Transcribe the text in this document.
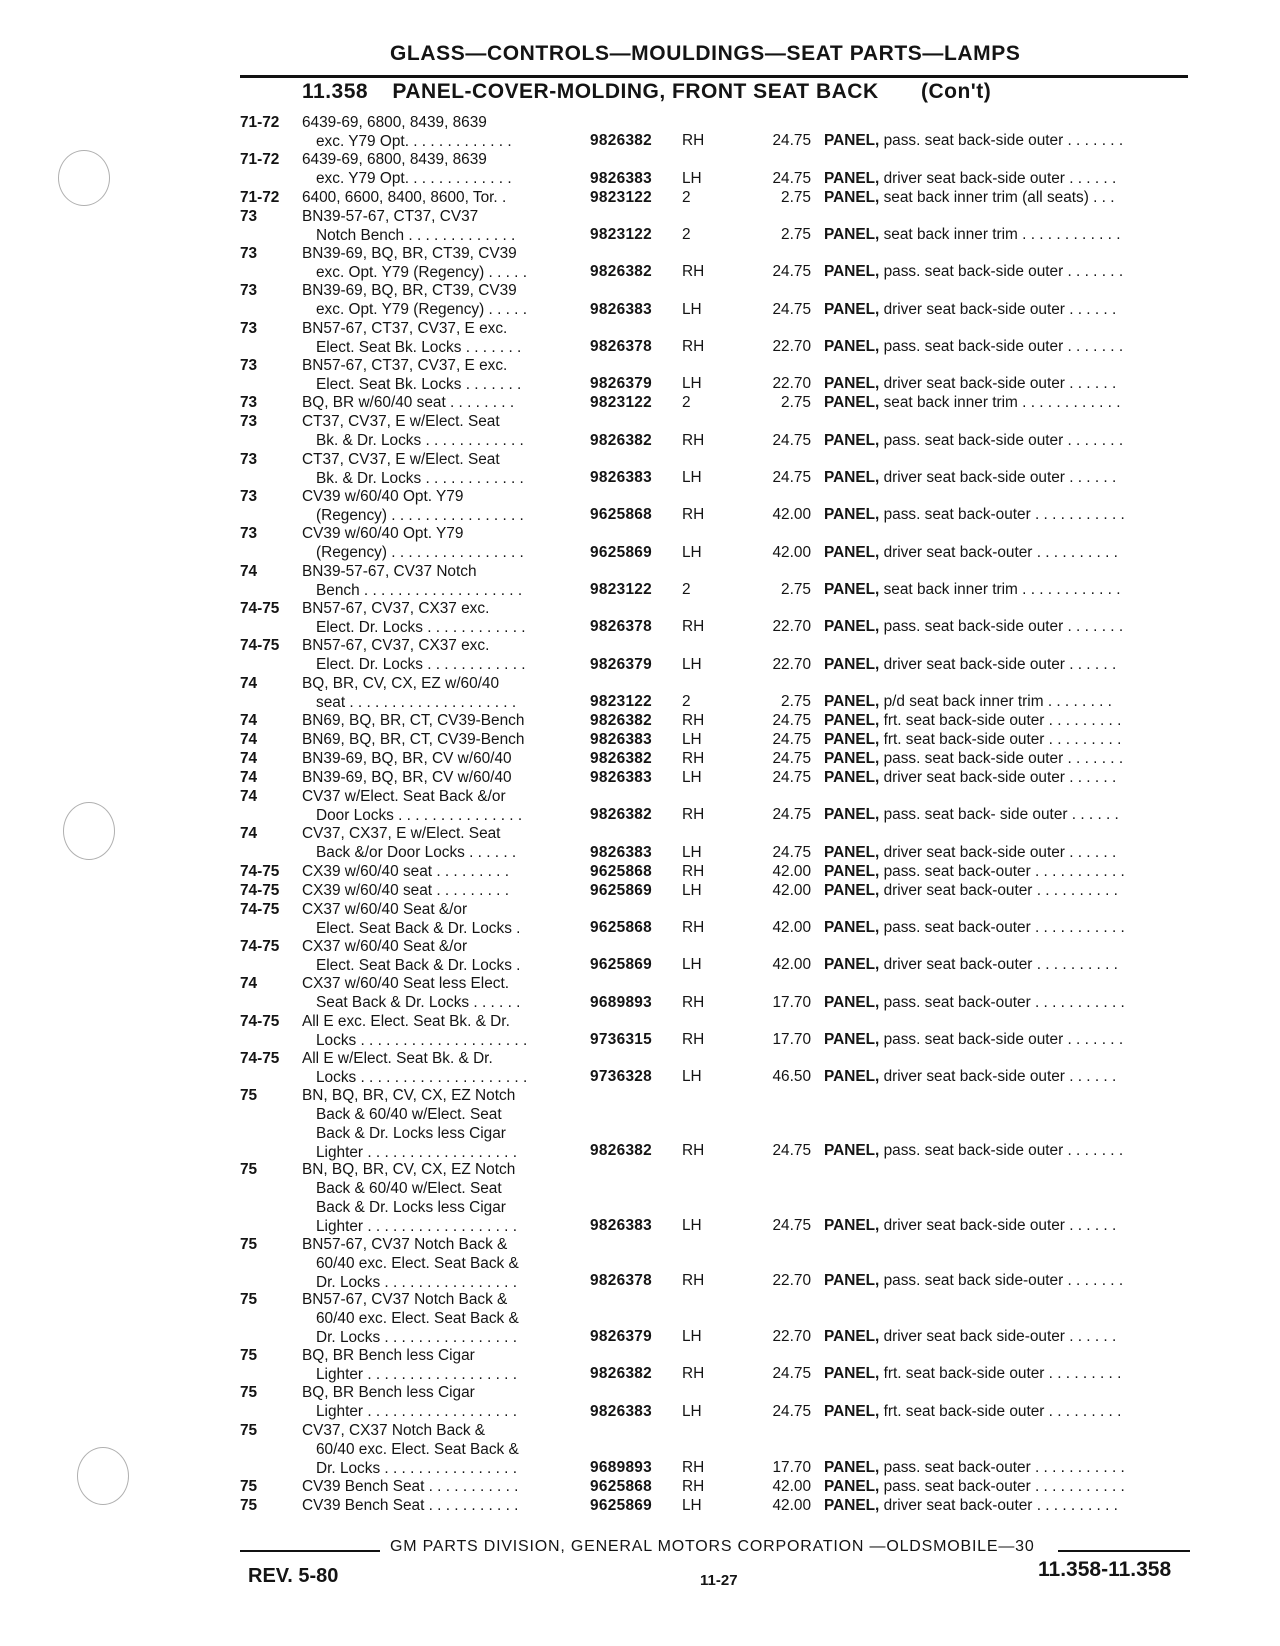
GLASS—CONTROLS—MOULDINGS—SEAT PARTS—LAMPS
11.358 PANEL-COVER-MOLDING, FRONT SEAT BACK (Con't)
71-72	6439-69, 6800, 8439, 8639
exc. Y79 Opt. . . . . . . . . . . . .	9826382	RH	24.75 PANEL, pass. seat back-side outer . . . . . . .
71-72	6439-69, 6800, 8439, 8639
exc. Y79 Opt. . . . . . . . . . . . .	9826383	LH	24.75 PANEL, driver seat back-side outer . . . . . .
71-72	6400, 6600, 8400, 8600, Tor. .	9823122	2	2.75 PANEL, seat back inner trim (all seats) . . .
73	BN39-57-67, CT37, CV37
Notch Bench . . . . . . . . . . . . .	9823122	2	2.75 PANEL, seat back inner trim . . . . . . . . . . . .
73	BN39-69, BQ, BR, CT39, CV39
exc. Opt. Y79 (Regency) . . . . .	9826382	RH	24.75 PANEL, pass. seat back-side outer . . . . . . .
73	BN39-69, BQ, BR, CT39, CV39
exc. Opt. Y79 (Regency) . . . . .	9826383	LH	24.75 PANEL, driver seat back-side outer . . . . . .
73	BN57-67, CT37, CV37, E exc.
Elect. Seat Bk. Locks . . . . . . .	9826378	RH	22.70 PANEL, pass. seat back-side outer . . . . . . .
73	BN57-67, CT37, CV37, E exc.
Elect. Seat Bk. Locks . . . . . . .	9826379	LH	22.70 PANEL, driver seat back-side outer . . . . . .
73	BQ, BR w/60/40 seat . . . . . . . .	9823122	2	2.75 PANEL, seat back inner trim . . . . . . . . . . . .
73	CT37, CV37, E w/Elect. Seat
Bk. & Dr. Locks . . . . . . . . . . . .	9826382	RH	24.75 PANEL, pass. seat back-side outer . . . . . . .
73	CT37, CV37, E w/Elect. Seat
Bk. & Dr. Locks . . . . . . . . . . . .	9826383	LH	24.75 PANEL, driver seat back-side outer . . . . . .
73	CV39 w/60/40 Opt. Y79
(Regency) . . . . . . . . . . . . . . . .	9625868	RH	42.00 PANEL, pass. seat back-outer . . . . . . . . . . .
73	CV39 w/60/40 Opt. Y79
(Regency) . . . . . . . . . . . . . . . .	9625869	LH	42.00 PANEL, driver seat back-outer . . . . . . . . . .
74	BN39-57-67, CV37 Notch
Bench . . . . . . . . . . . . . . . . . . .	9823122	2	2.75 PANEL, seat back inner trim . . . . . . . . . . . .
74-75	BN57-67, CV37, CX37 exc.
Elect. Dr. Locks . . . . . . . . . . . .	9826378	RH	22.70 PANEL, pass. seat back-side outer . . . . . . .
74-75	BN57-67, CV37, CX37 exc.
Elect. Dr. Locks . . . . . . . . . . . .	9826379	LH	22.70 PANEL, driver seat back-side outer . . . . . .
74	BQ, BR, CV, CX, EZ w/60/40
seat . . . . . . . . . . . . . . . . . . . .	9823122	2	2.75 PANEL, p/d seat back inner trim . . . . . . . .
74	BN69, BQ, BR, CT, CV39-Bench	9826382	RH	24.75 PANEL, frt. seat back-side outer . . . . . . . . .
74	BN69, BQ, BR, CT, CV39-Bench	9826383	LH	24.75 PANEL, frt. seat back-side outer . . . . . . . . .
74	BN39-69, BQ, BR, CV w/60/40	9826382	RH	24.75 PANEL, pass. seat back-side outer . . . . . . .
74	BN39-69, BQ, BR, CV w/60/40	9826383	LH	24.75 PANEL, driver seat back-side outer . . . . . .
74	CV37 w/Elect. Seat Back &/or
Door Locks . . . . . . . . . . . . . . .	9826382	RH	24.75 PANEL, pass. seat back- side outer . . . . . .
74	CV37, CX37, E w/Elect. Seat
Back &/or Door Locks . . . . . .	9826383	LH	24.75 PANEL, driver seat back-side outer . . . . . .
74-75	CX39 w/60/40 seat . . . . . . . . .	9625868	RH	42.00 PANEL, pass. seat back-outer . . . . . . . . . . .
74-75	CX39 w/60/40 seat . . . . . . . . .	9625869	LH	42.00 PANEL, driver seat back-outer . . . . . . . . . .
74-75	CX37 w/60/40 Seat &/or
Elect. Seat Back & Dr. Locks .	9625868	RH	42.00 PANEL, pass. seat back-outer . . . . . . . . . . .
74-75	CX37 w/60/40 Seat &/or
Elect. Seat Back & Dr. Locks .	9625869	LH	42.00 PANEL, driver seat back-outer . . . . . . . . . .
74	CX37 w/60/40 Seat less Elect.
Seat Back & Dr. Locks . . . . . .	9689893	RH	17.70 PANEL, pass. seat back-outer . . . . . . . . . . .
74-75	All E exc. Elect. Seat Bk. & Dr.
Locks . . . . . . . . . . . . . . . . . . . .	9736315	RH	17.70 PANEL, pass. seat back-side outer . . . . . . .
74-75	All E w/Elect. Seat Bk. & Dr.
Locks . . . . . . . . . . . . . . . . . . . .	9736328	LH	46.50 PANEL, driver seat back-side outer . . . . . .
75	BN, BQ, BR, CV, CX, EZ Notch
Back & 60/40 w/Elect. Seat
Back & Dr. Locks less Cigar
Lighter . . . . . . . . . . . . . . . . . .	9826382	RH	24.75 PANEL, pass. seat back-side outer . . . . . . .
75	BN, BQ, BR, CV, CX, EZ Notch
Back & 60/40 w/Elect. Seat
Back & Dr. Locks less Cigar
Lighter . . . . . . . . . . . . . . . . . .	9826383	LH	24.75 PANEL, driver seat back-side outer . . . . . .
75	BN57-67, CV37 Notch Back &
60/40 exc. Elect. Seat Back &
Dr. Locks . . . . . . . . . . . . . . . .	9826378	RH	22.70 PANEL, pass. seat back side-outer . . . . . . .
75	BN57-67, CV37 Notch Back &
60/40 exc. Elect. Seat Back &
Dr. Locks . . . . . . . . . . . . . . . .	9826379	LH	22.70 PANEL, driver seat back side-outer . . . . . .
75	BQ, BR Bench less Cigar
Lighter . . . . . . . . . . . . . . . . . .	9826382	RH	24.75 PANEL, frt. seat back-side outer . . . . . . . . .
75	BQ, BR Bench less Cigar
Lighter . . . . . . . . . . . . . . . . . .	9826383	LH	24.75 PANEL, frt. seat back-side outer . . . . . . . . .
75	CV37, CX37 Notch Back &
60/40 exc. Elect. Seat Back &
Dr. Locks . . . . . . . . . . . . . . . .	9689893	RH	17.70 PANEL, pass. seat back-outer . . . . . . . . . . .
75	CV39 Bench Seat . . . . . . . . . . .	9625868	RH	42.00 PANEL, pass. seat back-outer . . . . . . . . . . .
75	CV39 Bench Seat . . . . . . . . . . .	9625869	LH	42.00 PANEL, driver seat back-outer . . . . . . . . . .
GM PARTS DIVISION, GENERAL MOTORS CORPORATION —OLDSMOBILE—30
REV. 5-80	11-27	11.358-11.358
